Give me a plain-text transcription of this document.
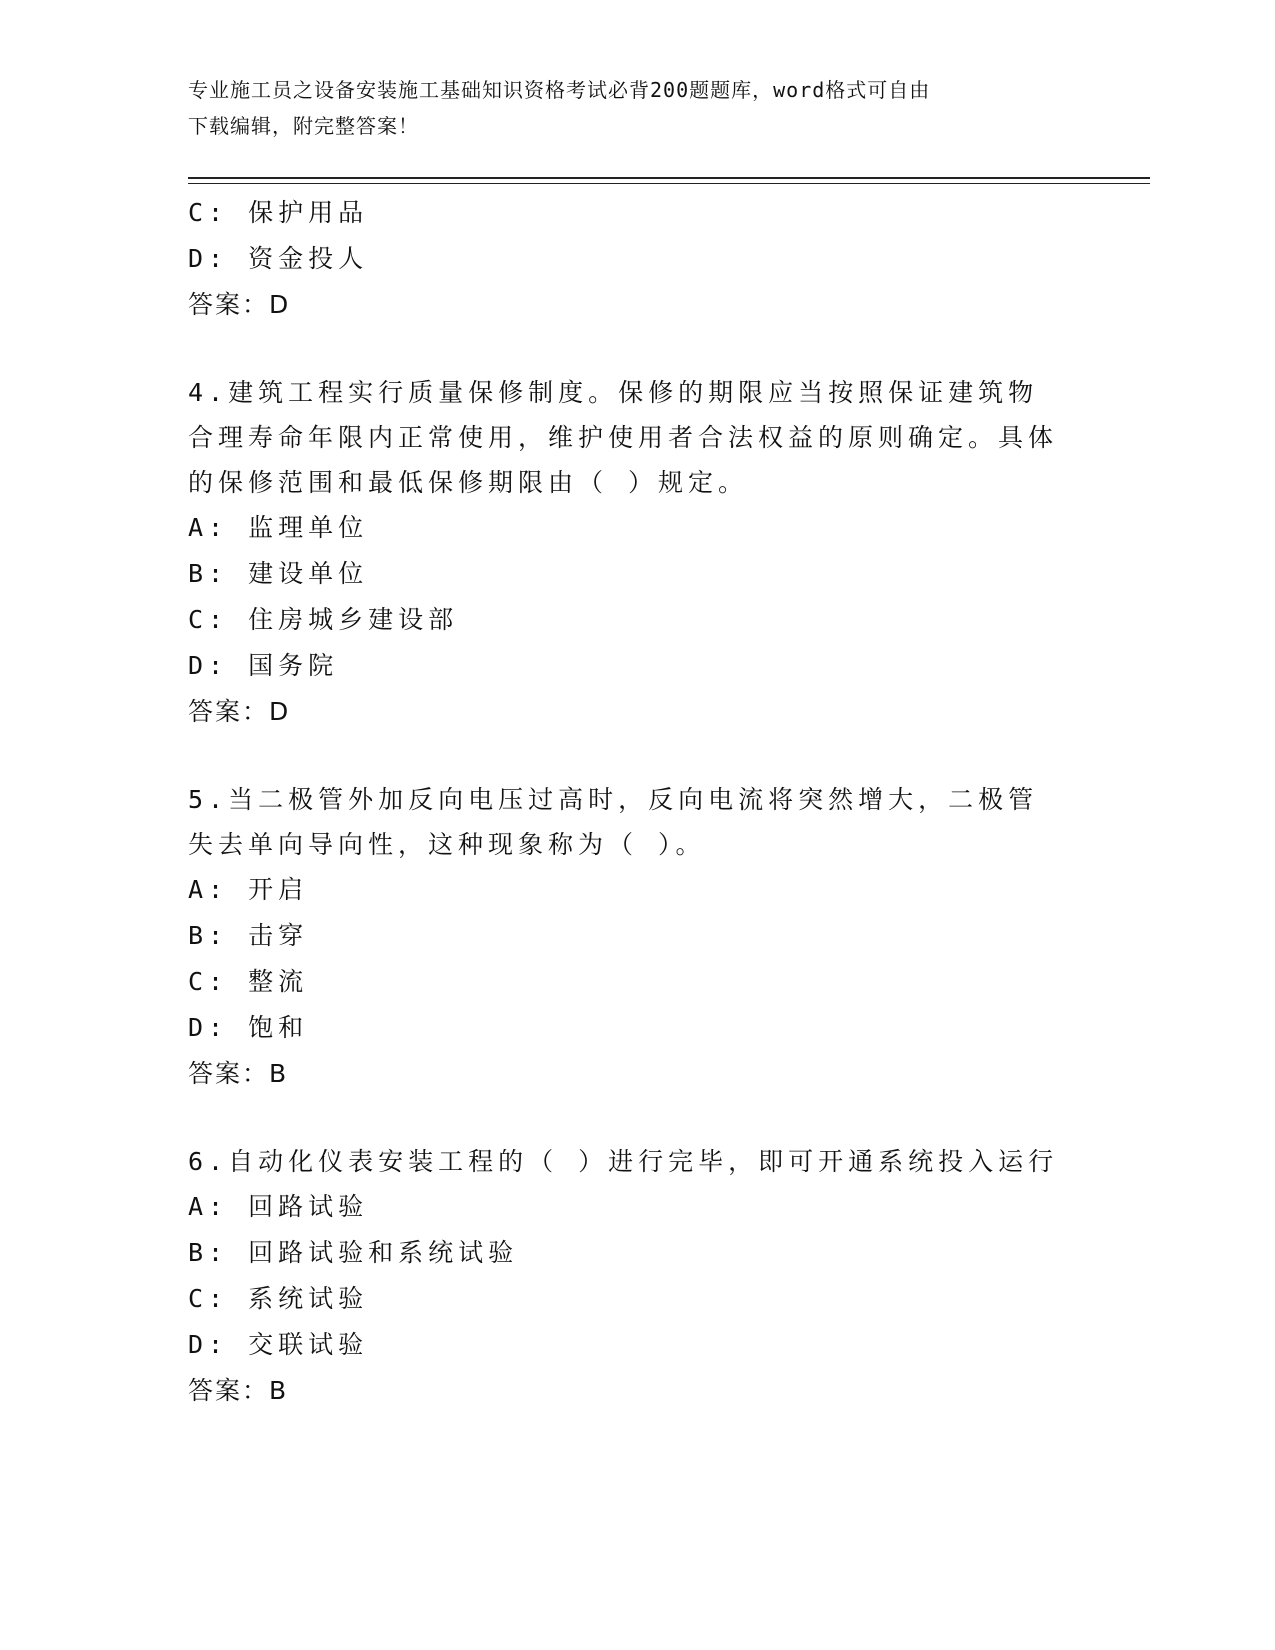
专业施工员之设备安装施工基础知识资格考试必背200题题库，word格式可自由
下载编辑，附完整答案！
C: 保护用品
D: 资金投人
答案：D
4.建筑工程实行质量保修制度。保修的期限应当按照保证建筑物合理寿命年限内正常使用，维护使用者合法权益的原则确定。具体的保修范围和最低保修期限由（ ）规定。
A: 监理单位
B: 建设单位
C: 住房城乡建设部
D: 国务院
答案：D
5.当二极管外加反向电压过高时，反向电流将突然增大，二极管失去单向导向性，这种现象称为（ ）。
A: 开启
B: 击穿
C: 整流
D: 饱和
答案：B
6.自动化仪表安装工程的（ ）进行完毕，即可开通系统投入运行
A: 回路试验
B: 回路试验和系统试验
C: 系统试验
D: 交联试验
答案：B
